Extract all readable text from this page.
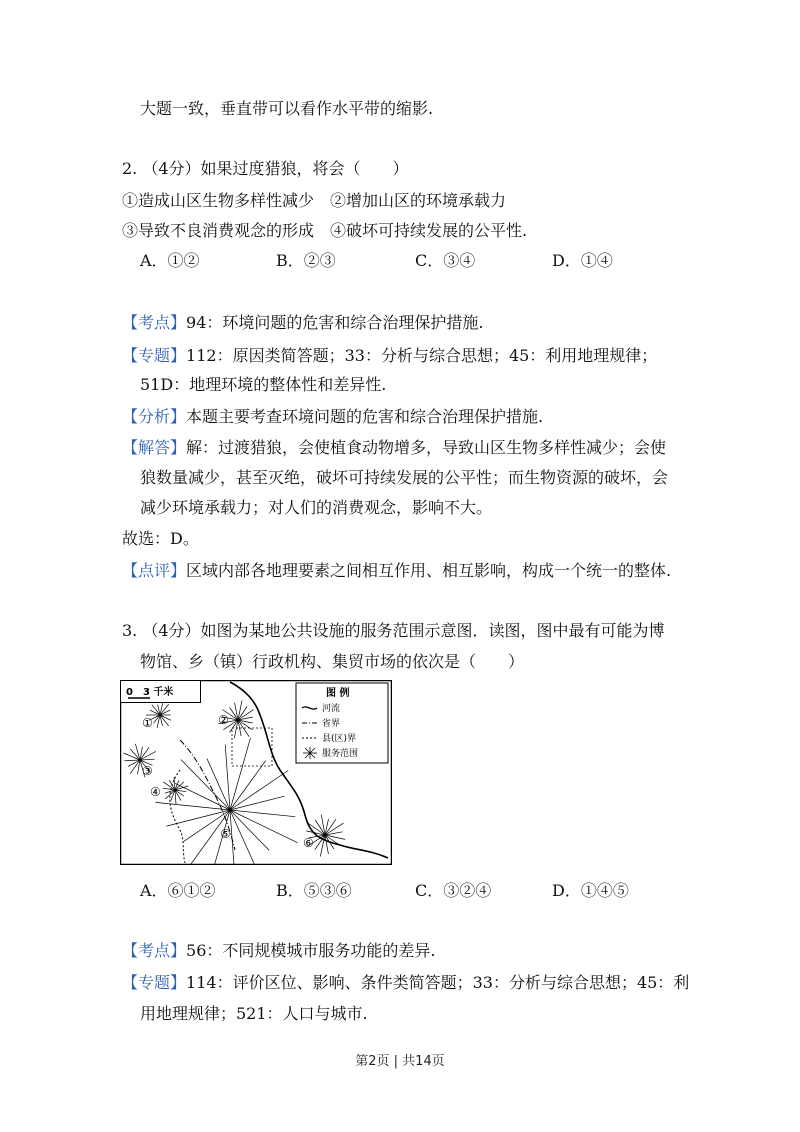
大题一致，垂直带可以看作水平带的缩影.
2. （4分）如果过度猎狼，将会（　　）
①造成山区生物多样性减少　②增加山区的环境承载力
③导致不良消费观念的形成　④破坏可持续发展的公平性.
A．①②	B．②③	C．③④	D．①④
【考点】94：环境问题的危害和综合治理保护措施.
【专题】112：原因类简答题；33：分析与综合思想；45：利用地理规律；
51D：地理环境的整体性和差异性.
【分析】本题主要考查环境问题的危害和综合治理保护措施.
【解答】解：过渡猎狼，会使植食动物增多，导致山区生物多样性减少；会使
狼数量减少，甚至灭绝，破坏可持续发展的公平性；而生物资源的破坏，会
减少环境承载力；对人们的消费观念，影响不大。
故选：D。
【点评】区域内部各地理要素之间相互作用、相互影响，构成一个统一的整体.
3. （4分）如图为某地公共设施的服务范围示意图．读图，图中最有可能为博
物馆、乡（镇）行政机构、集贸市场的依次是（　　）
0　3 千米	图 例
河流
省界
县(区)界
服务范围
①	②
③
④
⑤
⑥
A．⑥①②	B．⑤③⑥	C．③②④	D．①④⑤
【考点】56：不同规模城市服务功能的差异.
【专题】114：评价区位、影响、条件类简答题；33：分析与综合思想；45：利
用地理规律；521：人口与城市.
第2页 | 共14页
